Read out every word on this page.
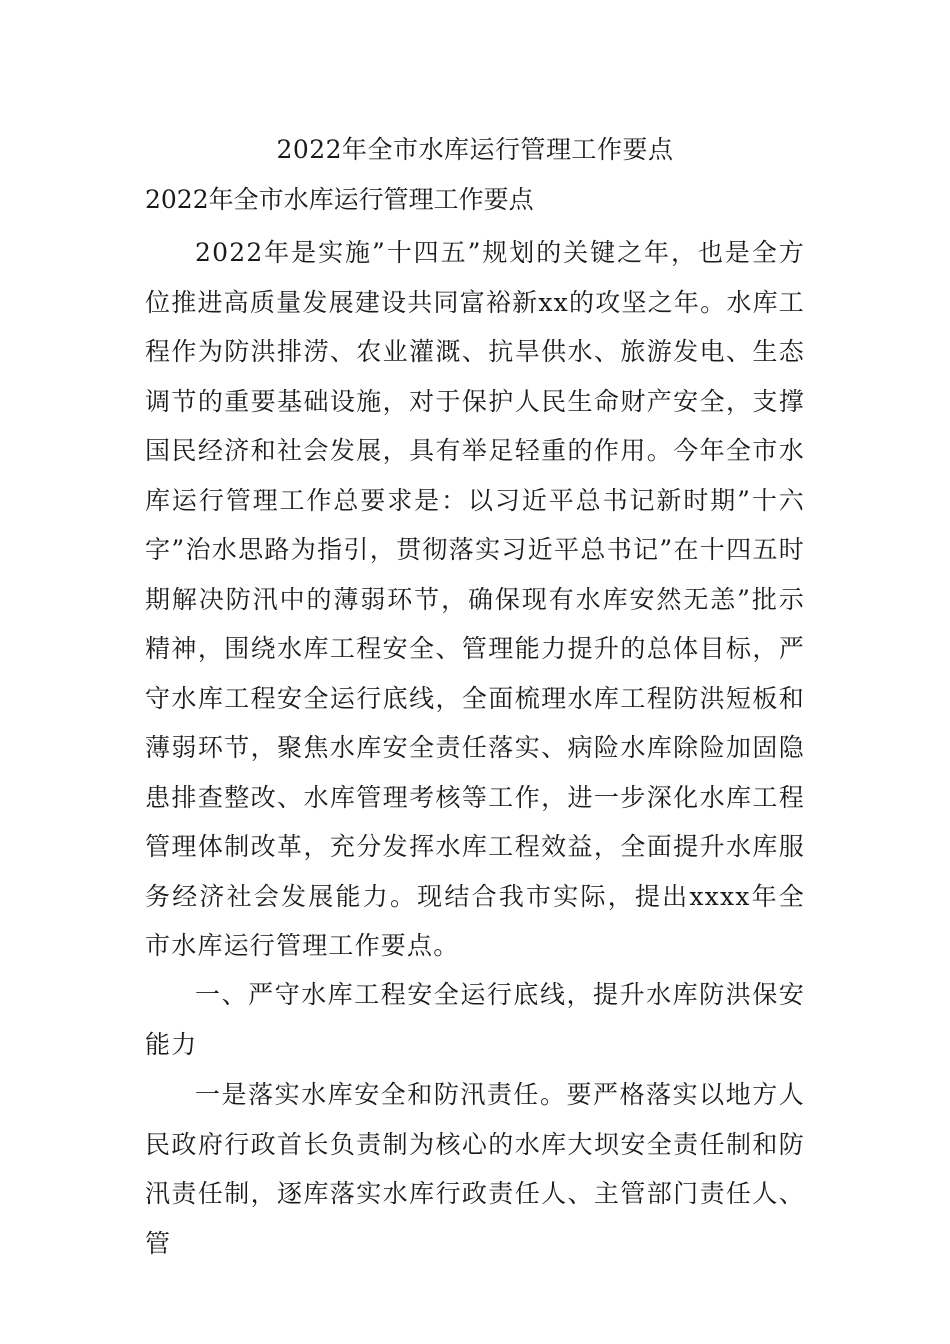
2022年全市水库运行管理工作要点
2022年全市水库运行管理工作要点

2022年是实施”十四五”规划的关键之年，也是全方位推进高质量发展建设共同富裕新xx的攻坚之年。水库工程作为防洪排涝、农业灌溉、抗旱供水、旅游发电、生态调节的重要基础设施，对于保护人民生命财产安全，支撑国民经济和社会发展，具有举足轻重的作用。今年全市水库运行管理工作总要求是：以习近平总书记新时期”十六字”治水思路为指引，贯彻落实习近平总书记”在十四五时期解决防汛中的薄弱环节，确保现有水库安然无恙”批示精神，围绕水库工程安全、管理能力提升的总体目标，严守水库工程安全运行底线，全面梳理水库工程防洪短板和薄弱环节，聚焦水库安全责任落实、病险水库除险加固隐患排查整改、水库管理考核等工作，进一步深化水库工程管理体制改革，充分发挥水库工程效益，全面提升水库服务经济社会发展能力。现结合我市实际，提出xxxx年全市水库运行管理工作要点。

一、严守水库工程安全运行底线，提升水库防洪保安能力

一是落实水库安全和防汛责任。要严格落实以地方人民政府行政首长负责制为核心的水库大坝安全责任制和防汛责任制，逐库落实水库行政责任人、主管部门责任人、管
